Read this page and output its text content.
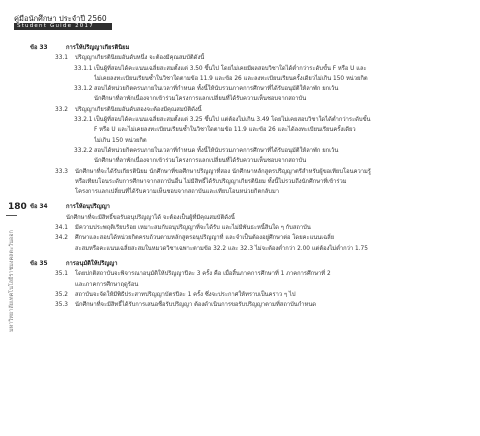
คู่มือนักศึกษา ประจำปี 2560
Student Guide 2017
180
มหาวิทยาลัยเทคโนโลยีราชมงคลตะวันออก
ข้อ 33	การให้ปริญญาเกียรตินิยม
33.1	ปริญญาเกียรตินิยมอันดับหนึ่ง จะต้องมีคุณสมบัติดังนี้
33.1.1 เป็นผู้ที่สอบได้คะแนนเฉลี่ยสะสมตั้งแต่ 3.50 ขึ้นไป โดยไม่เคยมีผลสอบวิชาใดได้ต่ำกว่าระดับขั้น F หรือ U และ
ไม่เคยลงทะเบียนเรียนซ้ำในวิชาใดตามข้อ 11.9 และข้อ 26 และลงทะเบียนเรียนครั้งเดียวไม่เกิน 150 หน่วยกิต
33.1.2 สอบได้หน่วยกิตครบภายในเวลาที่กำหนด ทั้งนี้ให้นับรวมภาคการศึกษาที่ได้รับอนุมัติให้ลาพัก ยกเว้น
นักศึกษาที่ลาพักเนื่องจากเข้าร่วมโครงการแลกเปลี่ยนที่ได้รับความเห็นชอบจากสถาบัน
33.2	ปริญญาเกียรตินิยมอันดับสองจะต้องมีคุณสมบัติดังนี้
33.2.1 เป็นผู้ที่สอบได้คะแนนเฉลี่ยสะสมตั้งแต่ 3.25 ขึ้นไป แต่ต้องไม่เกิน 3.49 โดยไม่เคยสอบวิชาใดได้ต่ำกว่าระดับขั้น
F หรือ U และไม่เคยลงทะเบียนเรียนซ้ำในวิชาใดตามข้อ 11.9 และข้อ 26 และได้ลงทะเบียนเรียนครั้งเดียว
ไม่เกิน 150 หน่วยกิต
33.2.2 สอบได้หน่วยกิตครบภายในเวลาที่กำหนด ทั้งนี้ให้นับรวมภาคการศึกษาที่ได้รับอนุมัติให้ลาพัก ยกเว้น
นักศึกษาที่ลาพักเนื่องจากเข้าร่วมโครงการแลกเปลี่ยนที่ได้รับความเห็นชอบจากสถาบัน
33.3	นักศึกษาที่จะได้รับเกียรตินิยม นักศึกษาที่ขอศึกษาปริญญาที่สอง นักศึกษาหลักสูตรปริญญาตรีสำหรับผู้ขอเทียบโอนความรู้
หรือเทียบโอนระดับการศึกษาจากสถาบันอื่น ไม่มีสิทธิ์ได้รับปริญญาเกียรตินิยม ทั้งนี้ไม่รวมถึงนักศึกษาที่เข้าร่วม
โครงการแลกเปลี่ยนที่ได้รับความเห็นชอบจากสถาบันและเทียบโอนหน่วยกิตกลับมา
ข้อ 34	การให้อนุปริญญา
นักศึกษาที่จะมีสิทธิ์ขอรับอนุปริญญาได้ จะต้องเป็นผู้ที่มีคุณสมบัติดังนี้
34.1	มีความประพฤติเรียบร้อย เหมาะสมกับอนุปริญญาที่จะได้รับ และไม่มีพันธะหนี้สินใด ๆ กับสถาบัน
34.2	ศึกษาและสอบได้หน่วยกิตครบถ้วนตามหลักสูตรอนุปริญญาที่ และจำเป็นต้องอยู่ศึกษาต่อ โดยคะแนนเฉลี่ย
สะสมหรือคะแนนเฉลี่ยสะสมในหมวดวิชาเฉพาะตามข้อ 32.2 และ 32.3 ไม่จะต้องต่ำกว่า 2.00 แต่ต้องไม่ต่ำกว่า 1.75
ข้อ 35	การอนุมัติให้ปริญญา
35.1	โดยปกติสถาบันจะพิจารณาอนุมัติให้ปริญญาปีละ 3 ครั้ง คือ เมื่อสิ้นภาคการศึกษาที่ 1 ภาคการศึกษาที่ 2
และภาคการศึกษาฤดูร้อน
35.2	สถาบันจะจัดให้มีพิธีประสาทปริญญาบัตรปีละ 1 ครั้ง ซึ่งจะประกาศให้ทราบเป็นคราว ๆ ไป
35.3	นักศึกษาที่จะมีสิทธิ์ได้รับการเสนอชื่อรับปริญญา ต้องดำเนินการขอรับปริญญาตามที่สถาบันกำหนด
